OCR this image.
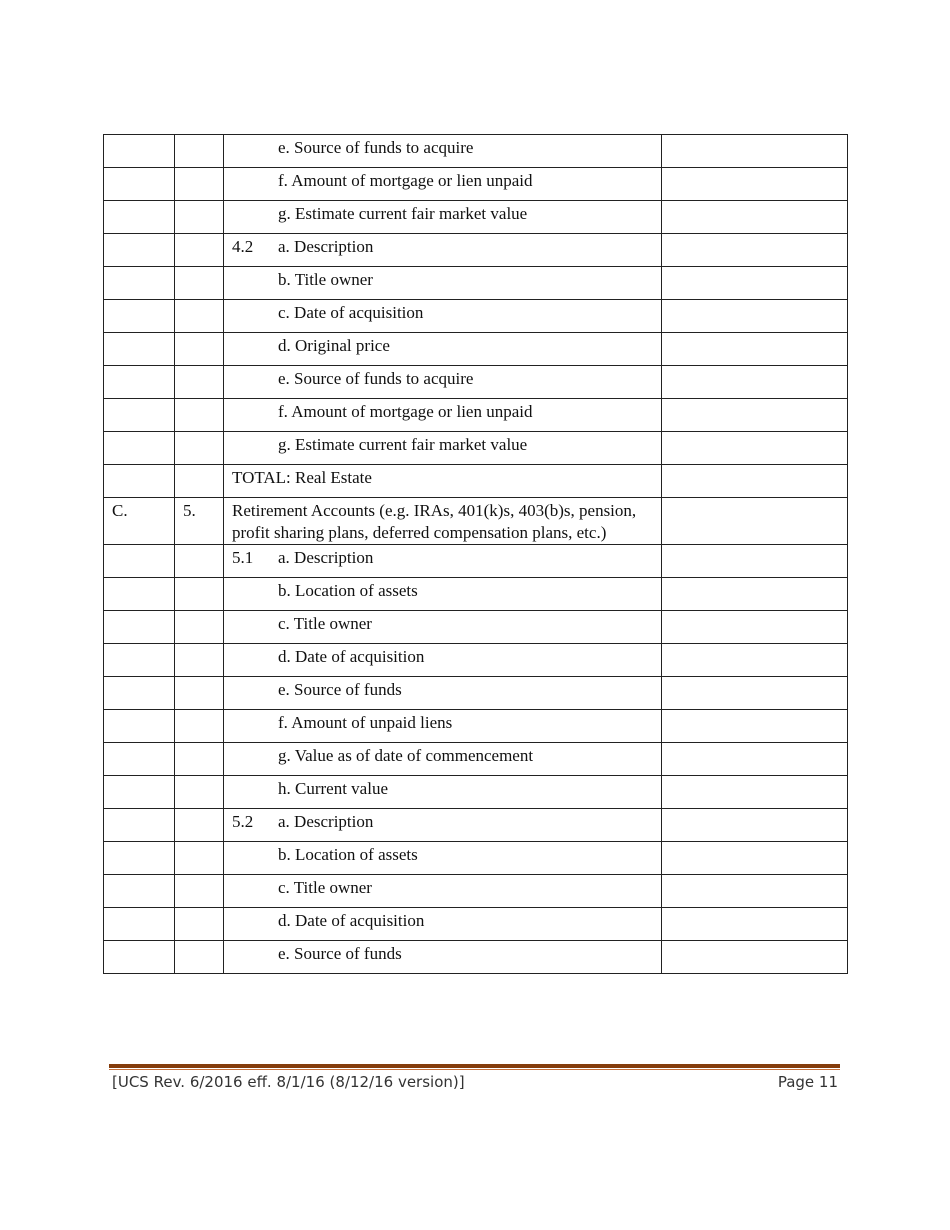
		e. Source of funds to acquire	
		f. Amount of mortgage or lien unpaid	
		g. Estimate current fair market value	
		4.2 a. Description	
		b. Title owner	
		c. Date of acquisition	
		d. Original price	
		e. Source of funds to acquire	
		f. Amount of mortgage or lien unpaid	
		g. Estimate current fair market value	
		TOTAL: Real Estate	
C.	5.	Retirement Accounts (e.g. IRAs, 401(k)s, 403(b)s, pension, profit sharing plans, deferred compensation plans, etc.)	
		5.1 a. Description	
		b. Location of assets	
		c. Title owner	
		d. Date of acquisition	
		e. Source of funds	
		f. Amount of unpaid liens	
		g. Value as of date of commencement	
		h. Current value	
		5.2 a. Description	
		b. Location of assets	
		c. Title owner	
		d. Date of acquisition	
		e. Source of funds	
[UCS Rev. 6/2016 eff. 8/1/16 (8/12/16 version)]	Page 11
